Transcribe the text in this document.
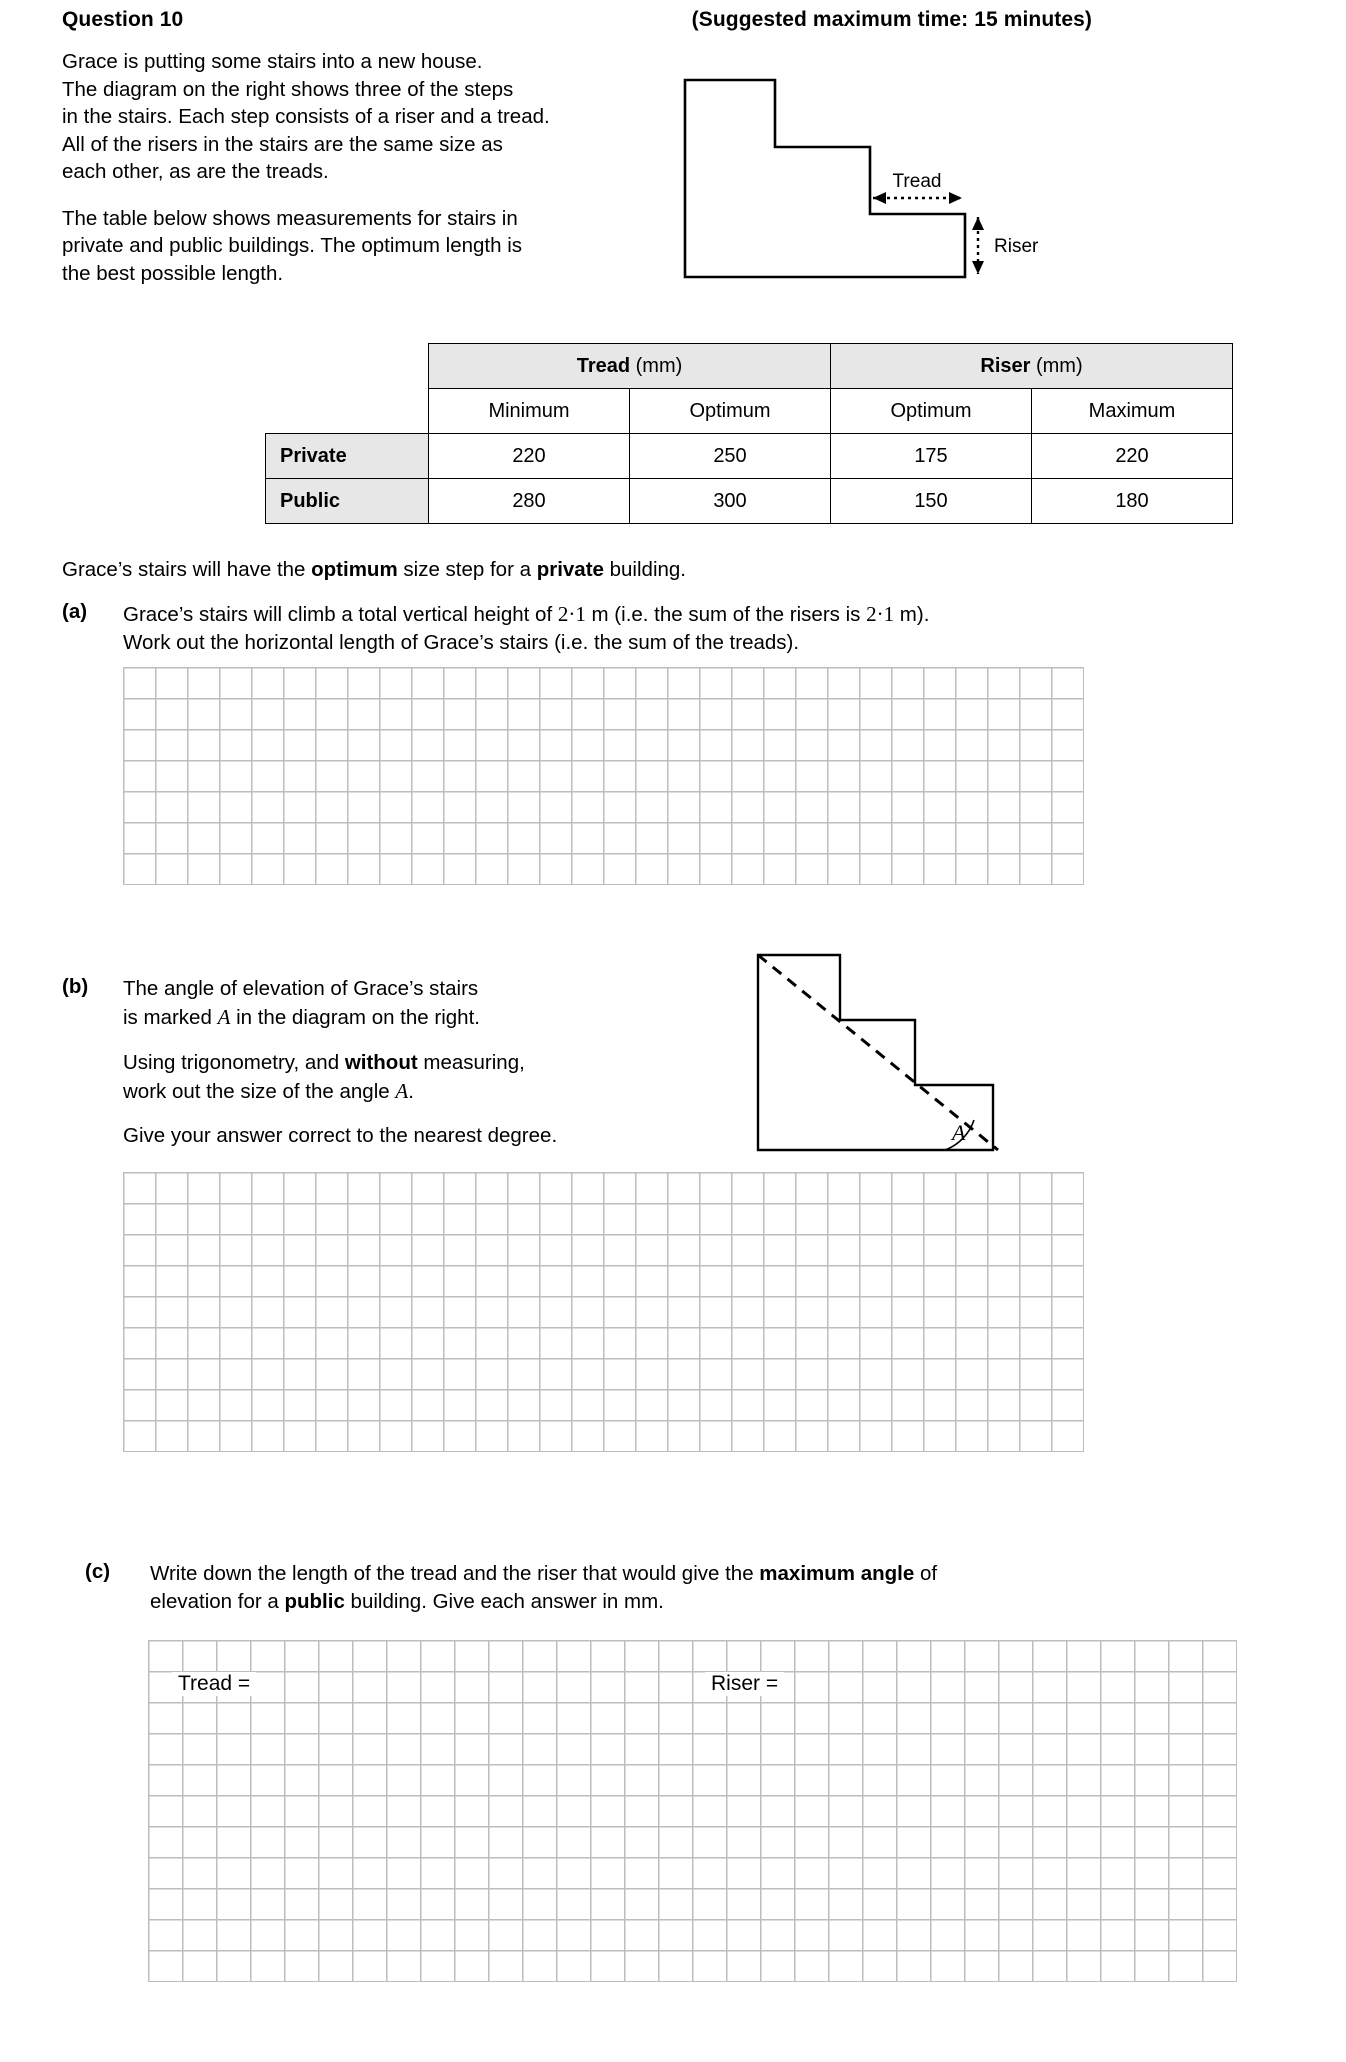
Question 10	(Suggested maximum time: 15 minutes)

Grace is putting some stairs into a new house.
The diagram on the right shows three of the steps
in the stairs. Each step consists of a riser and a tread.
All of the risers in the stairs are the same size as
each other, as are the treads.

The table below shows measurements for stairs in
private and public buildings. The optimum length is
the best possible length.

Tread
Riser
	Tread (mm)		Riser (mm)	
	Minimum	Optimum	Optimum	Maximum
Private	220	250	175	220
Public	280	300	150	180
Grace’s stairs will have the optimum size step for a private building.
(a) Grace’s stairs will climb a total vertical height of 2·1 m (i.e. the sum of the risers is 2·1 m).
Work out the horizontal length of Grace’s stairs (i.e. the sum of the treads).
(b) The angle of elevation of Grace’s stairs
is marked A in the diagram on the right.
Using trigonometry, and without measuring,
work out the size of the angle A.
Give your answer correct to the nearest degree.	A
(c) Write down the length of the tread and the riser that would give the maximum angle of
elevation for a public building. Give each answer in mm.
Tread =	Riser =
